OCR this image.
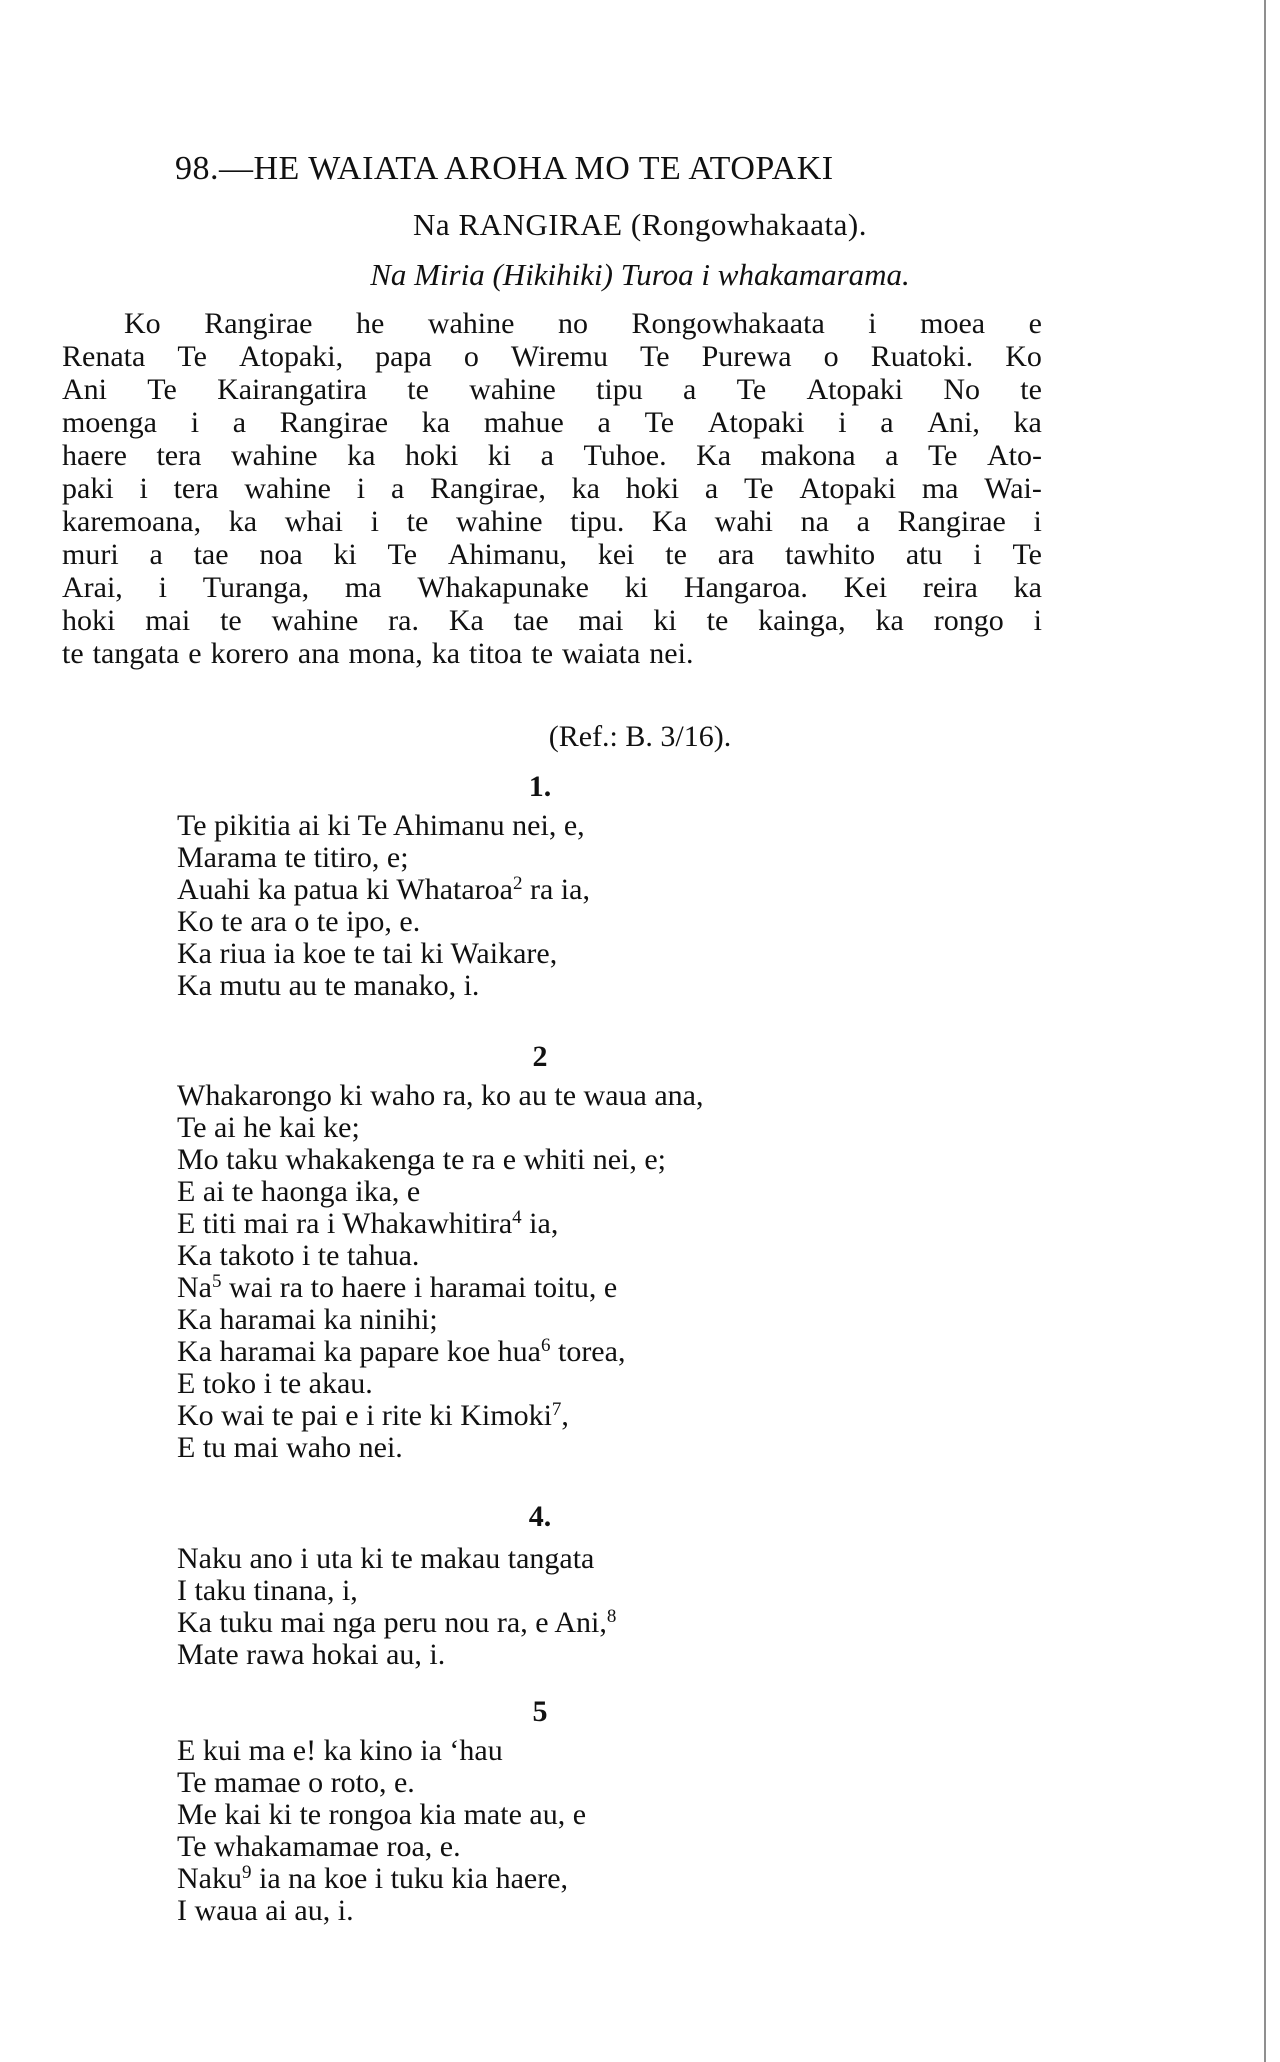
98.—HE WAIATA AROHA MO TE ATOPAKI
Na RANGIRAE (Rongowhakaata).
Na Miria (Hikihiki) Turoa i whakamarama.
Ko Rangirae he wahine no Rongowhakaata i moea e
Renata Te Atopaki, papa o Wiremu Te Purewa o Ruatoki. Ko
Ani Te Kairangatira te wahine tipu a Te Atopaki No te
moenga i a Rangirae ka mahue a Te Atopaki i a Ani, ka
haere tera wahine ka hoki ki a Tuhoe. Ka makona a Te Ato-
paki i tera wahine i a Rangirae, ka hoki a Te Atopaki ma Wai-
karemoana, ka whai i te wahine tipu. Ka wahi na a Rangirae i
muri a tae noa ki Te Ahimanu, kei te ara tawhito atu i Te
Arai, i Turanga, ma Whakapunake ki Hangaroa. Kei reira ka
hoki mai te wahine ra. Ka tae mai ki te kainga, ka rongo i
te tangata e korero ana mona, ka titoa te waiata nei.
(Ref.: B. 3/16).
1.
Te pikitia ai ki Te Ahimanu nei, e,
Marama te titiro, e;
Auahi ka patua ki Whataroa$^2$ ra ia,
Ko te ara o te ipo, e.
Ka riua ia koe te tai ki Waikare,
Ka mutu au te manako, i.
2
Whakarongo ki waho ra, ko au te waua ana,
Te ai he kai ke;
Mo taku whakakenga te ra e whiti nei, e;
E ai te haonga ika, e
E titi mai ra i Whakawhitira$^4$ ia,
Ka takoto i te tahua.
Na$^5$ wai ra to haere i haramai toitu, e
Ka haramai ka ninihi;
Ka haramai ka papare koe hua$^6$ torea,
E toko i te akau.
Ko wai te pai e i rite ki Kimoki$^7$,
E tu mai waho nei.
4.
Naku ano i uta ki te makau tangata
I taku tinana, i,
Ka tuku mai nga peru nou ra, e Ani,$^8$
Mate rawa hokai au, i.
5
E kui ma e! ka kino ia ‘hau
Te mamae o roto, e.
Me kai ki te rongoa kia mate au, e
Te whakamamae roa, e.
Naku$^9$ ia na koe i tuku kia haere,
I waua ai au, i.
